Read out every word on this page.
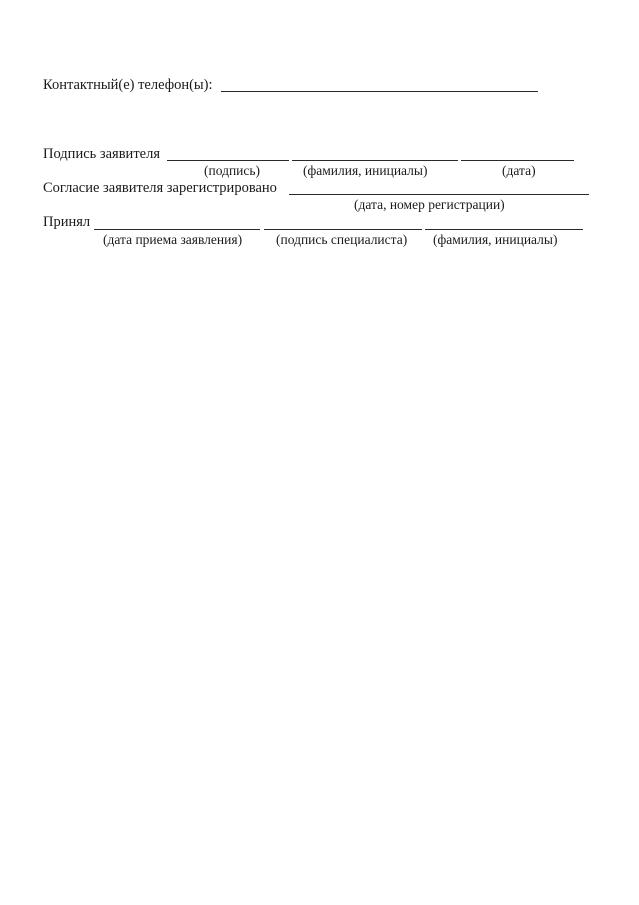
Контактный(е) телефон(ы):
Подпись заявителя
(подпись)	(фамилия, инициалы)	(дата)
Согласие заявителя зарегистрировано
(дата, номер регистрации)
Принял
(дата приема заявления)	(подпись специалиста) (фамилия, инициалы)
